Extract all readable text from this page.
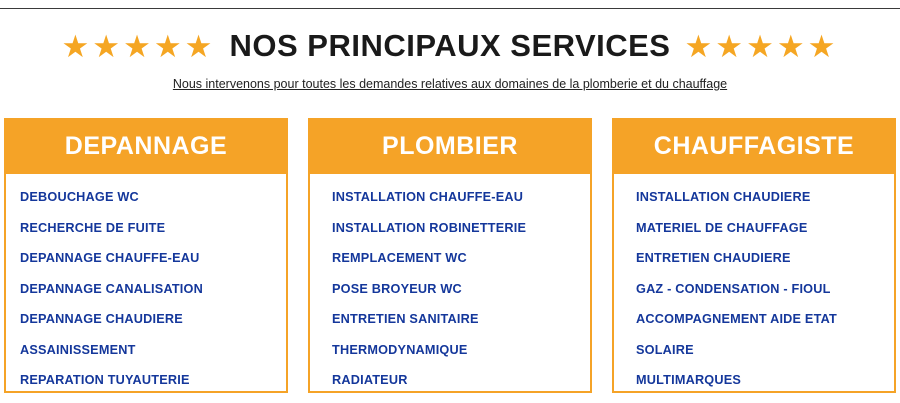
★★★★★ NOS PRINCIPAUX SERVICES ★★★★★
Nous intervenons pour toutes les demandes relatives aux domaines de la plomberie et du chauffage
DEPANNAGE
DEBOUCHAGE WC
RECHERCHE DE FUITE
DEPANNAGE CHAUFFE-EAU
DEPANNAGE CANALISATION
DEPANNAGE CHAUDIERE
ASSAINISSEMENT
REPARATION TUYAUTERIE
PLOMBIER
INSTALLATION CHAUFFE-EAU
INSTALLATION ROBINETTERIE
REMPLACEMENT WC
POSE BROYEUR WC
ENTRETIEN SANITAIRE
THERMODYNAMIQUE
RADIATEUR
CHAUFFAGISTE
INSTALLATION CHAUDIERE
MATERIEL DE CHAUFFAGE
ENTRETIEN CHAUDIERE
GAZ - CONDENSATION - FIOUL
ACCOMPAGNEMENT AIDE ETAT
SOLAIRE
MULTIMARQUES
